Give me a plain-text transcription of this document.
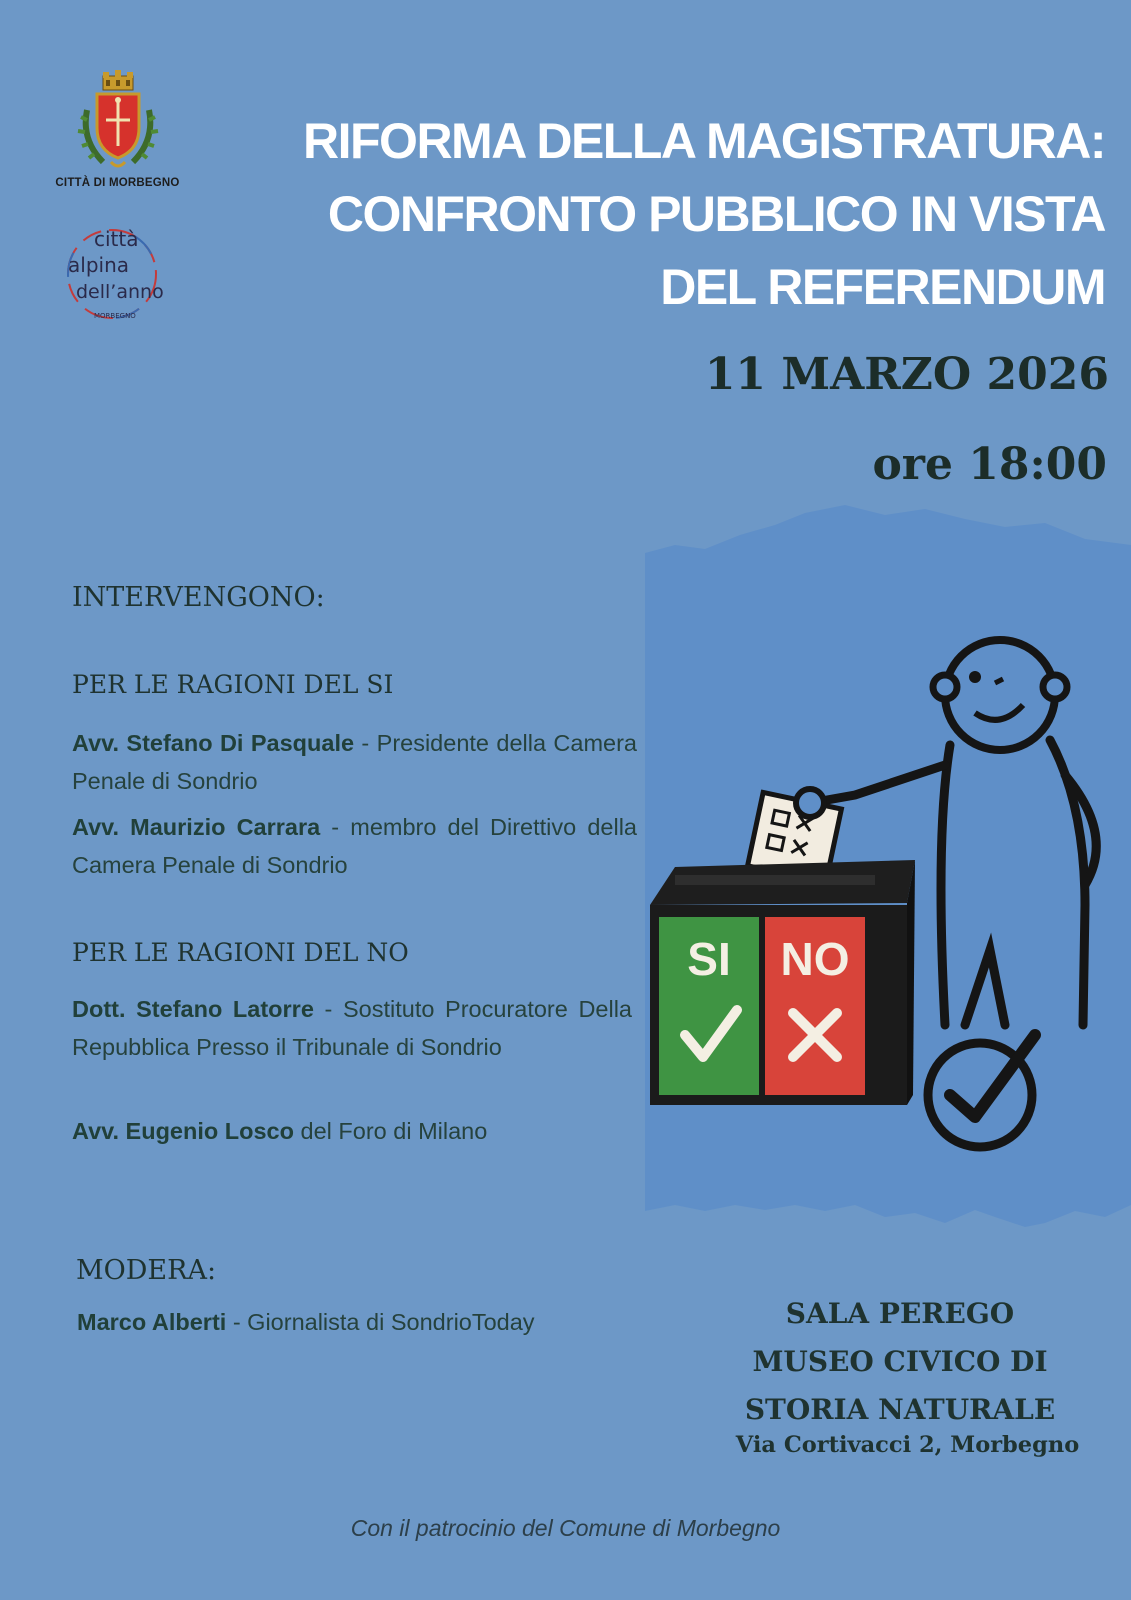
CITTÀ DI MORBEGNO
città
alpina
dell’anno
MORBEGNO
RIFORMA DELLA MAGISTRATURA:
CONFRONTO PUBBLICO IN VISTA
DEL REFERENDUM
11 MARZO 2026
ore 18:00
INTERVENGONO:
PER LE RAGIONI DEL SI
Avv. Stefano Di Pasquale - Presidente della Camera Penale di Sondrio
Avv. Maurizio Carrara - membro del Direttivo della Camera Penale di Sondrio
PER LE RAGIONI DEL NO
Dott. Stefano Latorre - Sostituto Procuratore Della Repubblica Presso il Tribunale di Sondrio
Avv. Eugenio Losco del Foro di Milano
MODERA:
Marco Alberti - Giornalista di SondrioToday
SI NO
SALA PEREGO
MUSEO CIVICO DI
STORIA NATURALE
Via Cortivacci 2, Morbegno
Con il patrocinio del Comune di Morbegno
